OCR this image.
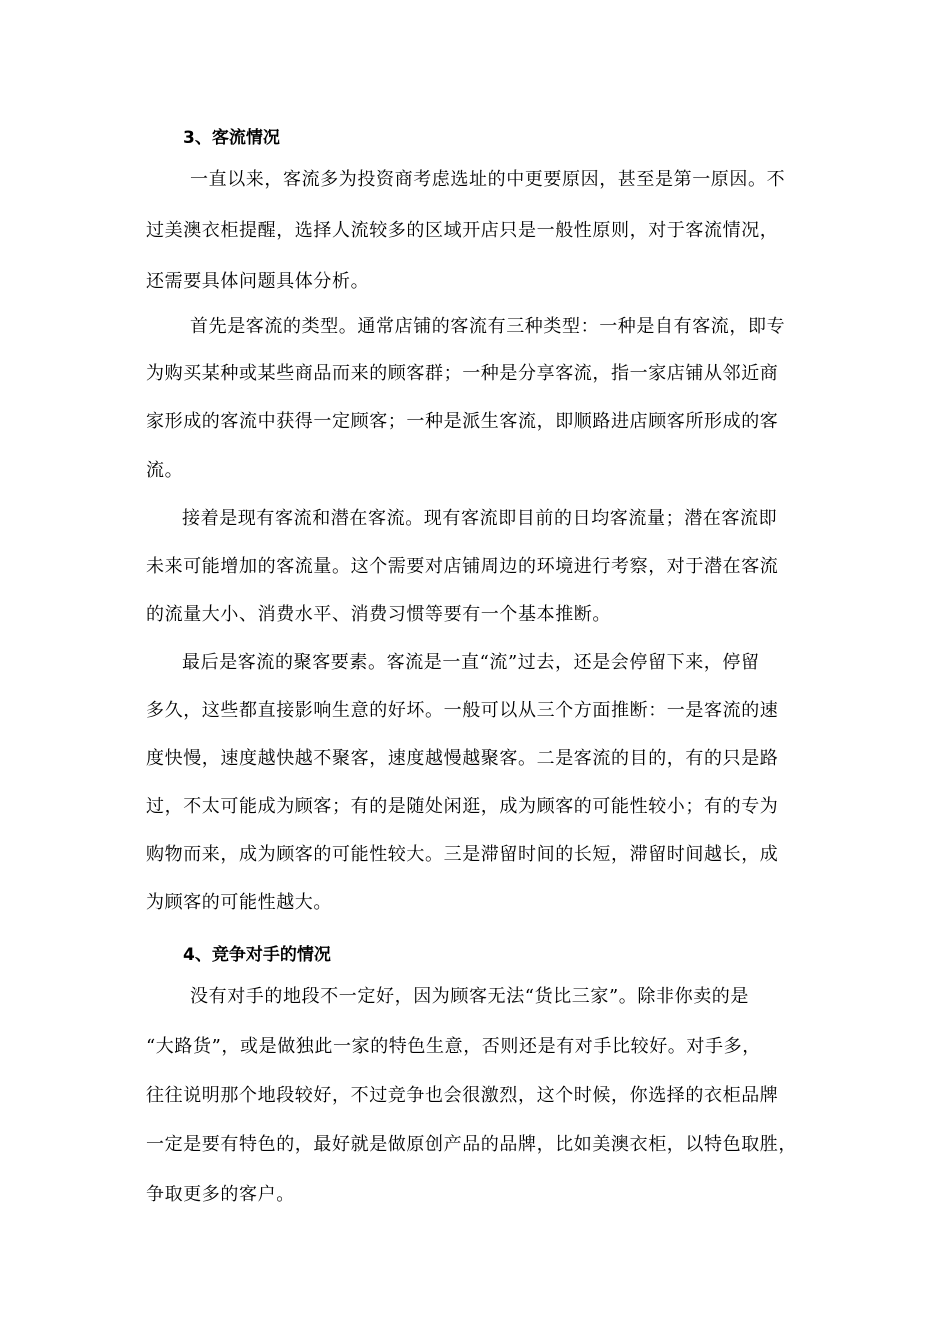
3、客流情况
一直以来，客流多为投资商考虑选址的中更要原因，甚至是第一原因。不
过美澳衣柜提醒，选择人流较多的区域开店只是一般性原则，对于客流情况，
还需要具体问题具体分析。
首先是客流的类型。通常店铺的客流有三种类型：一种是自有客流，即专
为购买某种或某些商品而来的顾客群；一种是分享客流，指一家店铺从邻近商
家形成的客流中获得一定顾客；一种是派生客流，即顺路进店顾客所形成的客
流。
接着是现有客流和潜在客流。现有客流即目前的日均客流量；潜在客流即
未来可能增加的客流量。这个需要对店铺周边的环境进行考察，对于潜在客流
的流量大小、消费水平、消费习惯等要有一个基本推断。
最后是客流的聚客要素。客流是一直“流”过去，还是会停留下来，停留
多久，这些都直接影响生意的好坏。一般可以从三个方面推断：一是客流的速
度快慢，速度越快越不聚客，速度越慢越聚客。二是客流的目的，有的只是路
过，不太可能成为顾客；有的是随处闲逛，成为顾客的可能性较小；有的专为
购物而来，成为顾客的可能性较大。三是滞留时间的长短，滞留时间越长，成
为顾客的可能性越大。
4、竞争对手的情况
没有对手的地段不一定好，因为顾客无法“货比三家”。除非你卖的是
“大路货”，或是做独此一家的特色生意，否则还是有对手比较好。对手多，
往往说明那个地段较好，不过竞争也会很激烈，这个时候，你选择的衣柜品牌
一定是要有特色的，最好就是做原创产品的品牌，比如美澳衣柜，以特色取胜，
争取更多的客户。
